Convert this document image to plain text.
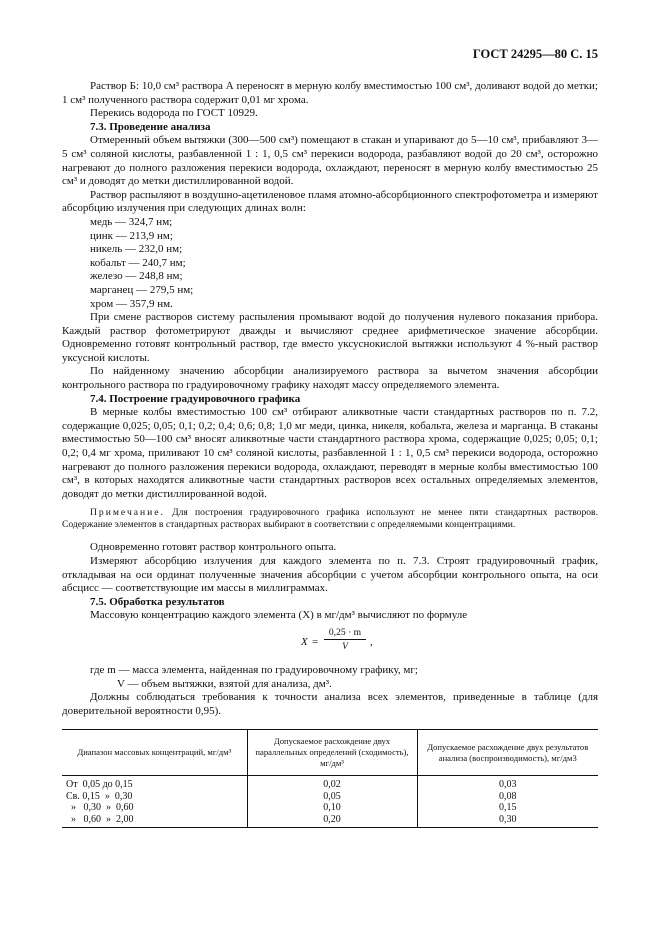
ГОСТ 24295—80 С. 15

Раствор Б: 10,0 см³ раствора А переносят в мерную колбу вместимостью 100 см³, доливают водой до метки; 1 см³ полученного раствора содержит 0,01 мг хрома.

Перекись водорода по ГОСТ 10929.

7.3. Проведение анализа

Отмеренный объем вытяжки (300—500 см³) помещают в стакан и упаривают до 5—10 см³, прибавляют 3—5 см³ соляной кислоты, разбавленной 1 : 1, 0,5 см³ перекиси водорода, разбавляют водой до 20 см³, осторожно нагревают до полного разложения перекиси водорода, охлаждают, переносят в мерную колбу вместимостью 25 см³ и доводят до метки дистиллированной водой.

Раствор распыляют в воздушно-ацетиленовое пламя атомно-абсорбционного спектрофотометра и измеряют абсорбцию излучения при следующих длинах волн:

медь — 324,7 нм;
цинк — 213,9 нм;
никель — 232,0 нм;
кобальт — 240,7 нм;
железо — 248,8 нм;
марганец — 279,5 нм;
хром — 357,9 нм.

При смене растворов систему распыления промывают водой до получения нулевого показания прибора. Каждый раствор фотометрируют дважды и вычисляют среднее арифметическое значение абсорбции. Одновременно готовят контрольный раствор, где вместо уксуснокислой вытяжки используют 4 %-ный раствор уксусной кислоты.

По найденному значению абсорбции анализируемого раствора за вычетом значения абсорбции контрольного раствора по градуировочному графику находят массу определяемого элемента.

7.4. Построение градуировочного графика

В мерные колбы вместимостью 100 см³ отбирают аликвотные части стандартных растворов по п. 7.2, содержащие 0,025; 0,05; 0,1; 0,2; 0,4; 0,6; 0,8; 1,0 мг меди, цинка, никеля, кобальта, железа и марганца. В стаканы вместимостью 50—100 см³ вносят аликвотные части стандартного раствора хрома, содержащие 0,025; 0,05; 0,1; 0,2; 0,4 мг хрома, приливают 10 см³ соляной кислоты, разбавленной 1 : 1, 0,5 см³ перекиси водорода, осторожно нагревают до полного разложения перекиси водорода, охлаждают, переводят в мерные колбы вместимостью 100 см³, в которых находятся аликвотные части стандартных растворов всех остальных определяемых элементов, доводят до метки дистиллированной водой.

Примечание. Для построения градуировочного графика используют не менее пяти стандартных растворов. Содержание элементов в стандартных растворах выбирают в соответствии с определяемыми концентрациями.

Одновременно готовят раствор контрольного опыта.

Измеряют абсорбцию излучения для каждого элемента по п. 7.3. Строят градуировочный график, откладывая на оси ординат полученные значения абсорбции с учетом абсорбции контрольного опыта, на оси абсцисс — соответствующие им массы в миллиграммах.

7.5. Обработка результатов

Массовую концентрацию каждого элемента (X) в мг/дм³ вычисляют по формуле

$X = \frac{0,25 \cdot m}{V}$ ,

где m — масса элемента, найденная по градуировочному графику, мг;

V — объем вытяжки, взятой для анализа, дм³.

Должны соблюдаться требования к точности анализа всех элементов, приведенные в таблице (для доверительной вероятности 0,95).

Диапазон массовых концентраций, мг/дм³	Допускаемое расхождение двух параллельных определений (сходимость), мг/дм³	Допускаемое расхождение двух результатов анализа (воспроизводимость), мг/дм3
От  0,05 до 0,15	0,02	0,03
Св. 0,15  »  0,30	0,05	0,08
»   0,30  »  0,60	0,10	0,15
»   0,60  »  2,00	0,20	0,30
